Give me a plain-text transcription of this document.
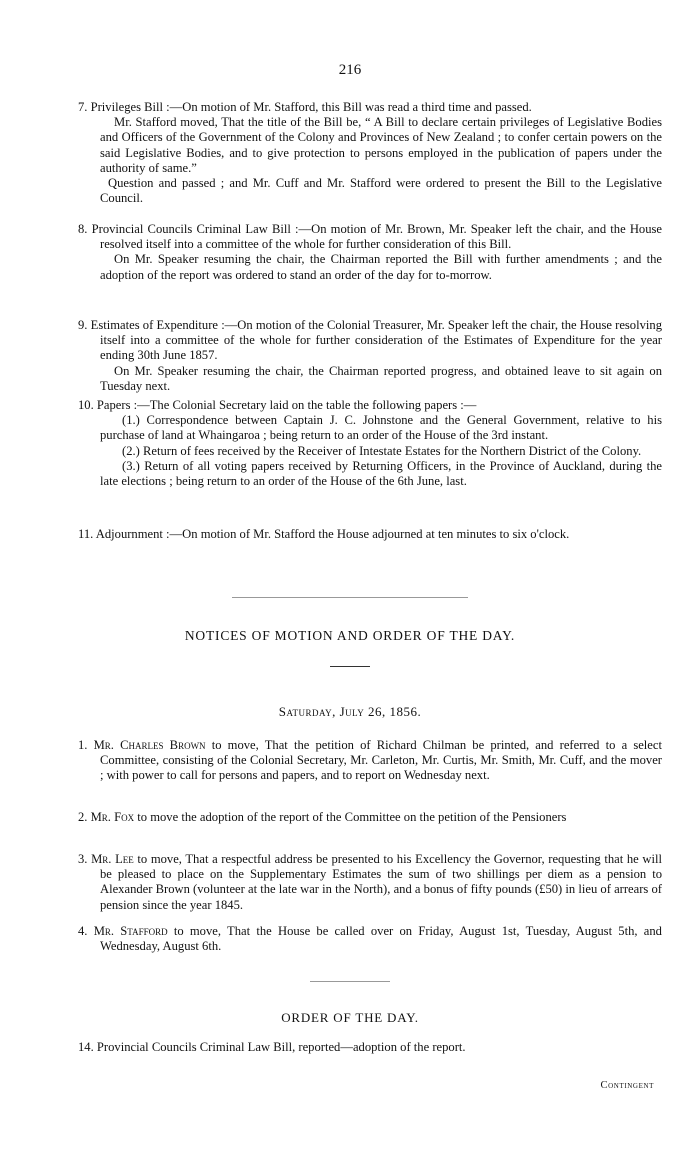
216

7. Privileges Bill :—On motion of Mr. Stafford, this Bill was read a third time and passed.

Mr. Stafford moved, That the title of the Bill be, “ A Bill to declare certain privileges of Legislative Bodies and Officers of the Government of the Colony and Provinces of New Zealand ; to confer certain powers on the said Legislative Bodies, and to give protection to persons employed in the publication of papers under the authority of same.”

Question and passed ; and Mr. Cuff and Mr. Stafford were ordered to present the Bill to the Legislative Council.

8. Provincial Councils Criminal Law Bill :—On motion of Mr. Brown, Mr. Speaker left the chair, and the House resolved itself into a committee of the whole for further consideration of this Bill.

On Mr. Speaker resuming the chair, the Chairman reported the Bill with further amendments ; and the adoption of the report was ordered to stand an order of the day for to-morrow.

9. Estimates of Expenditure :—On motion of the Colonial Treasurer, Mr. Speaker left the chair, the House resolving itself into a committee of the whole for further consideration of the Estimates of Expenditure for the year ending 30th June 1857.

On Mr. Speaker resuming the chair, the Chairman reported progress, and obtained leave to sit again on Tuesday next.

10. Papers :—The Colonial Secretary laid on the table the following papers :—

(1.) Correspondence between Captain J. C. Johnstone and the General Government, relative to his purchase of land at Whaingaroa ; being return to an order of the House of the 3rd instant.

(2.) Return of fees received by the Receiver of Intestate Estates for the Northern District of the Colony.

(3.) Return of all voting papers received by Returning Officers, in the Province of Auckland, during the late elections ; being return to an order of the House of the 6th June, last.

11. Adjournment :—On motion of Mr. Stafford the House adjourned at ten minutes to six o'clock.

NOTICES OF MOTION AND ORDER OF THE DAY.
Saturday, July 26, 1856.

1. Mr. Charles Brown to move, That the petition of Richard Chilman be printed, and referred to a select Committee, consisting of the Colonial Secretary, Mr. Carleton, Mr. Curtis, Mr. Smith, Mr. Cuff, and the mover ; with power to call for persons and papers, and to report on Wednesday next.

2. Mr. Fox to move the adoption of the report of the Committee on the petition of the Pensioners

3. Mr. Lee to move, That a respectful address be presented to his Excellency the Governor, requesting that he will be pleased to place on the Supplementary Estimates the sum of two shillings per diem as a pension to Alexander Brown (volunteer at the late war in the North), and a bonus of fifty pounds (£50) in lieu of arrears of pension since the year 1845.

4. Mr. Stafford to move, That the House be called over on Friday, August 1st, Tuesday, August 5th, and Wednesday, August 6th.

ORDER OF THE DAY.

14. Provincial Councils Criminal Law Bill, reported—adoption of the report.

Contingent
